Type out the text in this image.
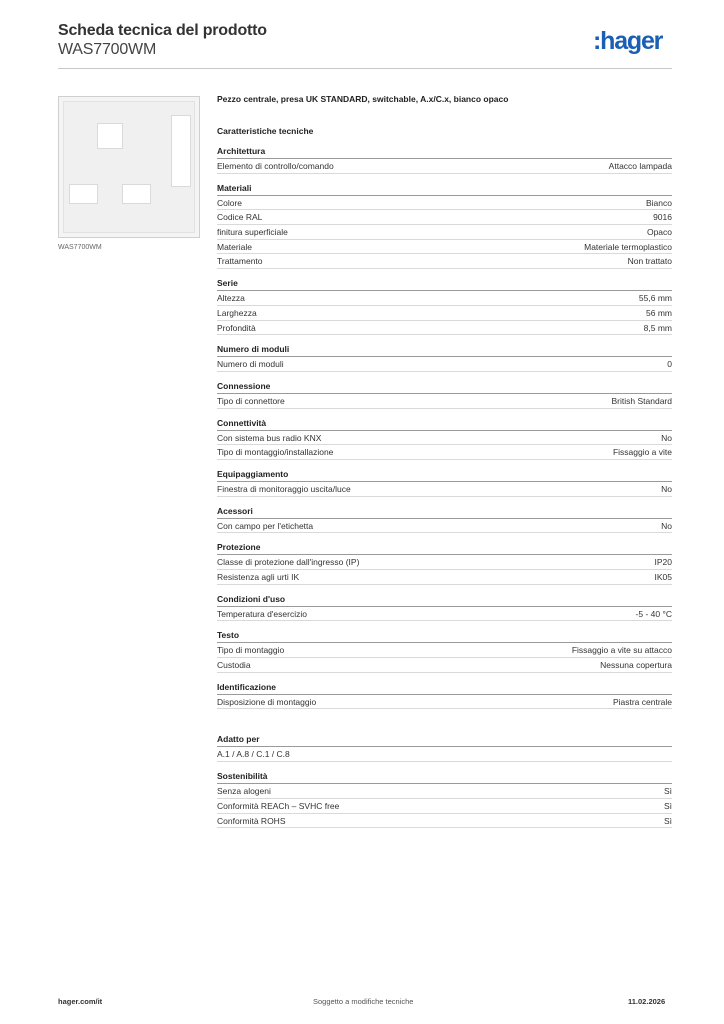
Scheda tecnica del prodotto
WAS7700WM	:hager
WAS7700WM
Pezzo centrale, presa UK STANDARD, switchable, A.x/C.x, bianco opaco
Caratteristiche tecniche
Architettura
Elemento di controllo/comando	Attacco lampada
Materiali
Colore	Bianco
Codice RAL	9016
finitura superficiale	Opaco
Materiale	Materiale termoplastico
Trattamento	Non trattato
Serie
Altezza	55,6 mm
Larghezza	56 mm
Profondità	8,5 mm
Numero di moduli
Numero di moduli	0
Connessione
Tipo di connettore	British Standard
Connettività
Con sistema bus radio KNX	No
Tipo di montaggio/installazione	Fissaggio a vite
Equipaggiamento
Finestra di monitoraggio uscita/luce	No
Acessori
Con campo per l'etichetta	No
Protezione
Classe di protezione dall'ingresso (IP)	IP20
Resistenza agli urti IK	IK05
Condizioni d'uso
Temperatura d'esercizio	-5 - 40 °C
Testo
Tipo di montaggio	Fissaggio a vite su attacco
Custodia	Nessuna copertura
Identificazione
Disposizione di montaggio	Piastra centrale
Adatto per
A.1 / A.8 / C.1 / C.8
Sostenibilità
Senza alogeni	Sì
Conformità REACh – SVHC free	Sì
Conformità ROHS	Sì
hager.com/it	Soggetto a modifiche tecniche	11.02.2026
